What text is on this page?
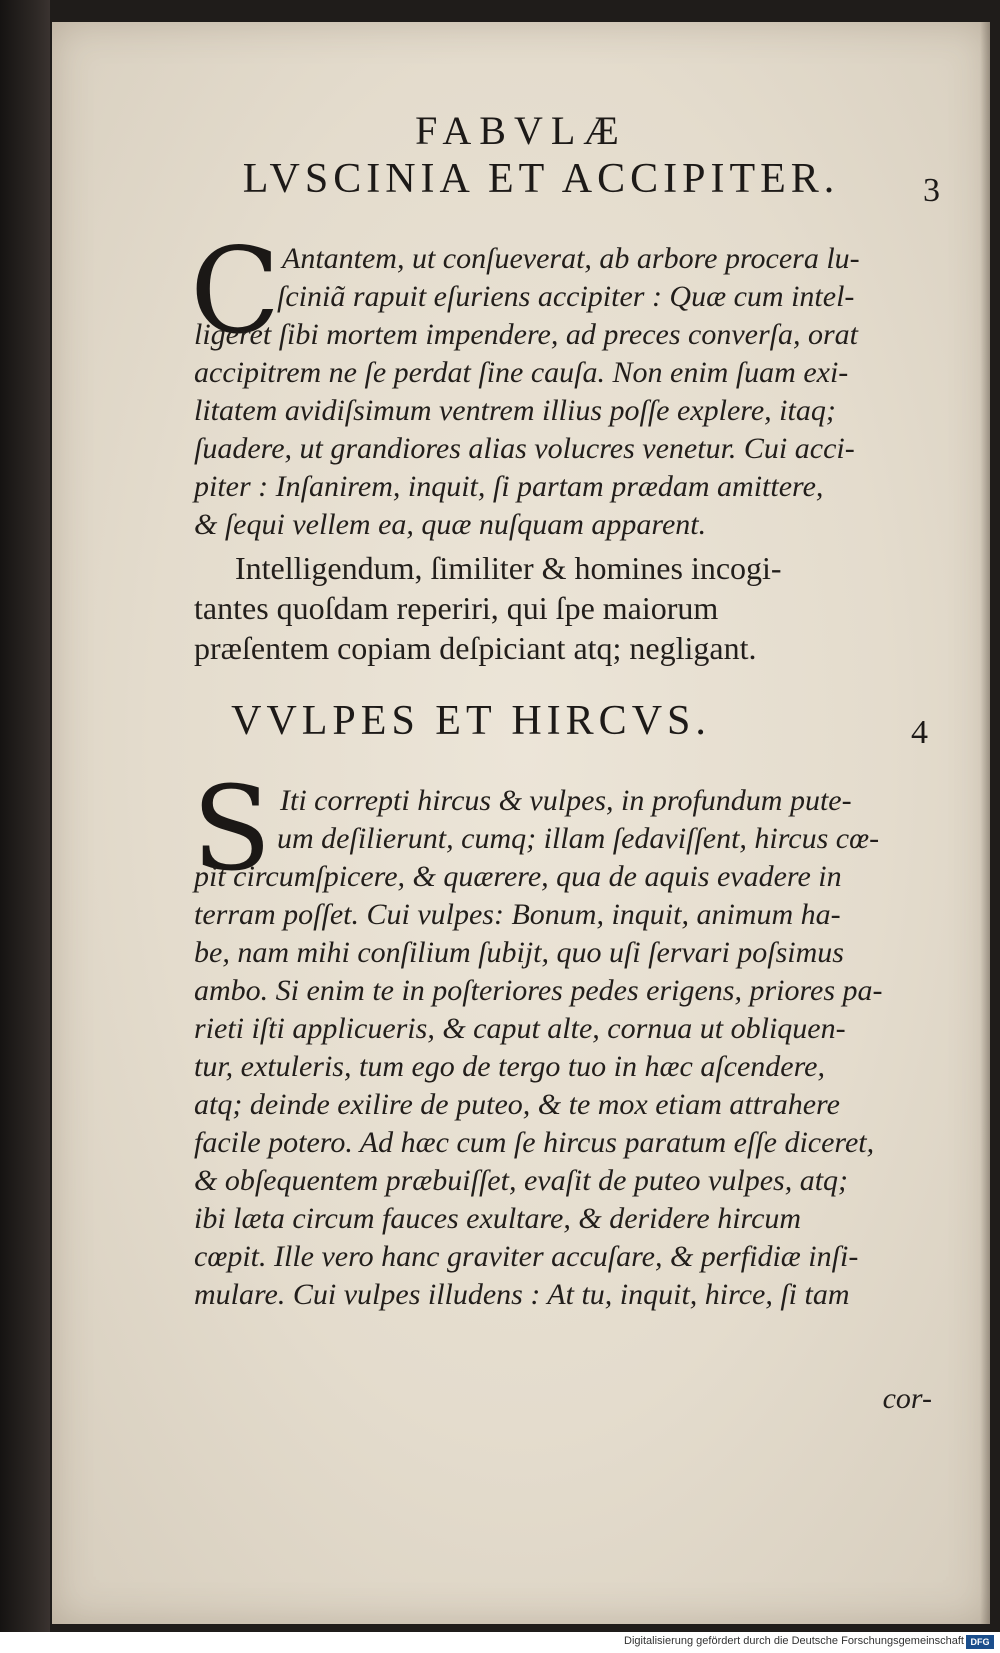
FABVLÆ
LVSCINIA ET ACCIPITER.	3
C Antantem, ut conſueverat, ab arbore procera lu-
ſciniã rapuit eſuriens accipiter : Quæ cum intel-
ligeret ſibi mortem impendere, ad preces converſa, orat
accipitrem ne ſe perdat ſine cauſa. Non enim ſuam exi-
litatem avidiſsimum ventrem illius poſſe explere, itaq;
ſuadere, ut grandiores alias volucres venetur. Cui acci-
piter : Inſanirem, inquit, ſi partam prædam amittere,
& ſequi vellem ea, quæ nuſquam apparent.
Intelligendum, ſimiliter & homines incogi-
tantes quoſdam reperiri, qui ſpe maiorum
præſentem copiam deſpiciant atq; negligant.
VVLPES ET HIRCVS.	4
S Iti correpti hircus & vulpes, in profundum pute-
um deſilierunt, cumq; illam ſedaviſſent, hircus cœ-
pit circumſpicere, & quærere, qua de aquis evadere in
terram poſſet. Cui vulpes: Bonum, inquit, animum ha-
be, nam mihi conſilium ſubijt, quo uſi ſervari poſsimus
ambo. Si enim te in poſteriores pedes erigens, priores pa-
rieti iſti applicueris, & caput alte, cornua ut obliquen-
tur, extuleris, tum ego de tergo tuo in hæc aſcendere,
atq; deinde exilire de puteo, & te mox etiam attrahere
facile potero. Ad hæc cum ſe hircus paratum eſſe diceret,
& obſequentem præbuiſſet, evaſit de puteo vulpes, atq;
ibi læta circum fauces exultare, & deridere hircum
cœpit. Ille vero hanc graviter accuſare, & perfidiæ inſi-
mulare. Cui vulpes illudens : At tu, inquit, hirce, ſi tam
cor-
Digitalisierung gefördert durch die Deutsche Forschungsgemeinschaft DFG
